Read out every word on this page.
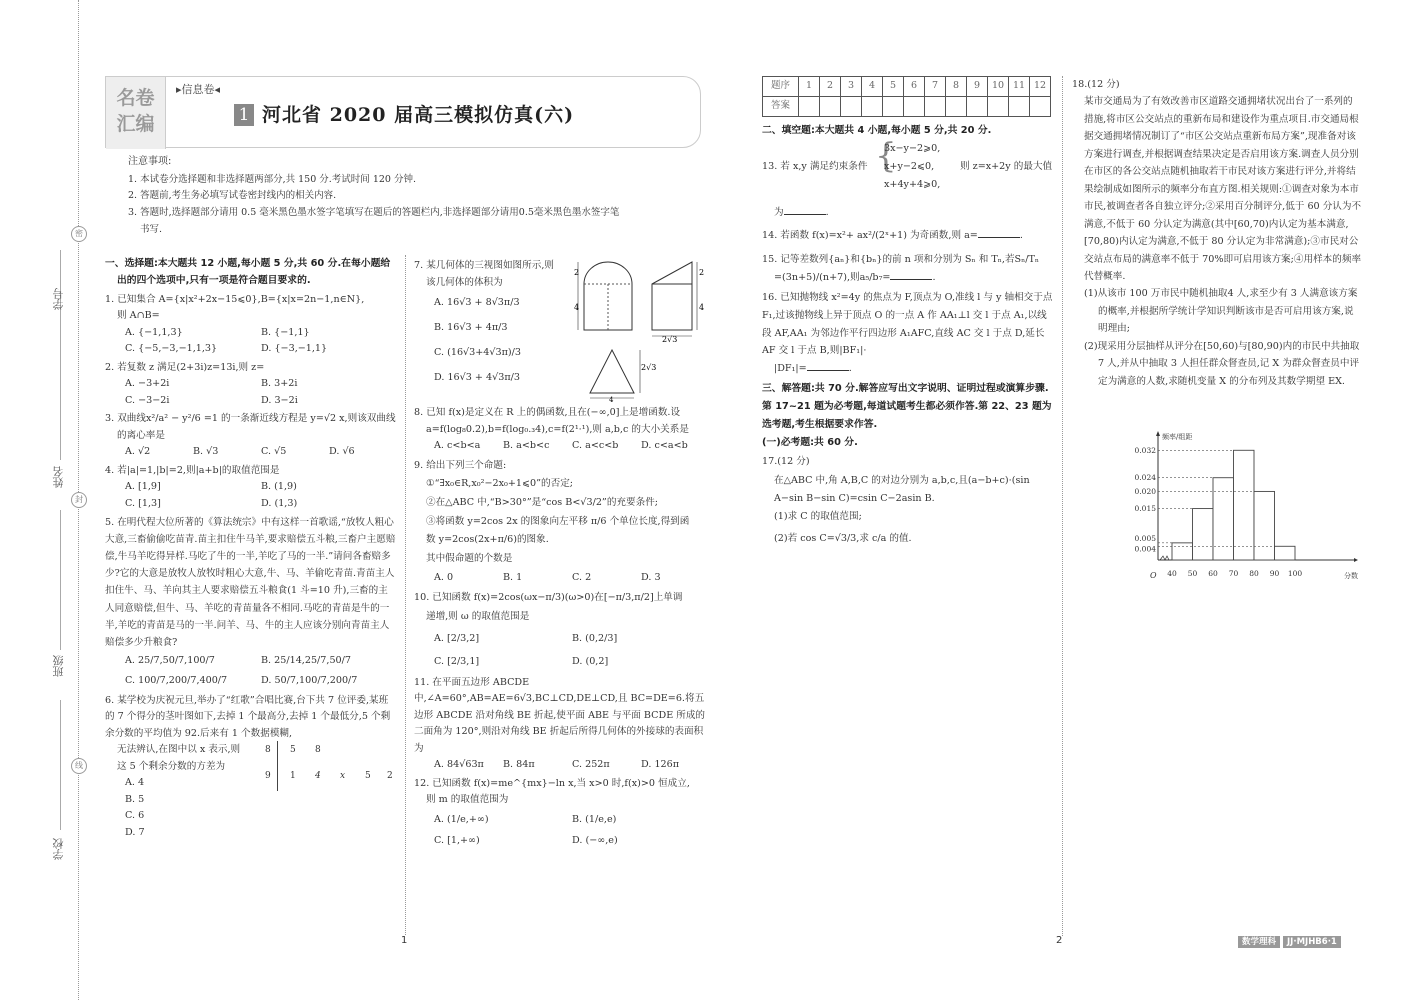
学号
姓名
班级
学校
密
封
线
名卷
汇编
▸信息卷◂
1 河北省 2020 届高三模拟仿真(六)
注意事项:
1. 本试卷分选择题和非选择题两部分,共 150 分.考试时间 120 分钟.
2. 答题前,考生务必填写试卷密封线内的相关内容.
3. 答题时,选择题部分请用 0.5 毫米黑色墨水签字笔填写在题后的答题栏内,非选择题部分请用0.5毫米黑色墨水签字笔
书写.
一、选择题:本大题共 12 小题,每小题 5 分,共 60 分.在每小题给
出的四个选项中,只有一项是符合题目要求的.
1. 已知集合 A={x|x²+2x−15⩽0},B={x|x=2n−1,n∈N},
则 A∩B=
A. {−1,1,3}	B. {−1,1}
C. {−5,−3,−1,1,3}	D. {−3,−1,1}
2. 若复数 z 满足(2+3i)z=13i,则 z=
A. −3+2i	B. 3+2i
C. −3−2i	D. 3−2i
3. 双曲线x²/a² − y²/6 =1 的一条渐近线方程是 y=√2 x,则该双曲线
的离心率是
A. √2	B. √3	C. √5	D. √6
4. 若|a|=1,|b|=2,则|a+b|的取值范围是
A. [1,9]	B. (1,9)
C. [1,3]	D. (1,3)
5. 在明代程大位所著的《算法统宗》中有这样一首歌谣,“放牧人粗心大意,三畜偷偷吃苗青.苗主扣住牛马羊,要求赔偿五斗粮,三畜户主愿赔偿,牛马羊吃得异样.马吃了牛的一半,羊吃了马的一半.”请问各畜赔多少?它的大意是放牧人放牧时粗心大意,牛、马、羊偷吃青苗.青苗主人扣住牛、马、羊向其主人要求赔偿五斗粮食(1 斗=10 升),三畜的主人同意赔偿,但牛、马、羊吃的青苗量各不相同.马吃的青苗是牛的一半,羊吃的青苗是马的一半.问羊、马、牛的主人应该分别向青苗主人赔偿多少升粮食?
A. 25/7,50/7,100/7	B. 25/14,25/7,50/7
C. 100/7,200/7,400/7	D. 50/7,100/7,200/7
6. 某学校为庆祝元旦,举办了“红歌”合唱比赛,台下共 7 位评委,某班的 7 个得分的茎叶图如下,去掉 1 个最高分,去掉 1 个最低分,5 个剩余分数的平均值为 92.后来有 1 个数据模糊,
无法辨认,在图中以 x 表示,则
这 5 个剩余分数的方差为
A. 4
B. 5
C. 6
D. 7
8 5 8
9 1 4 x 5 2
7. 某几何体的三视图如图所示,则
该几何体的体积为
A. 16√3 + 8√3π/3
B. 16√3 + 4π/3
C. (16√3+4√3π)/3
D. 16√3 + 4√3π/3
2
4
2
4
2√3
2√3
4
8. 已知 f(x)是定义在 R 上的偶函数,且在(−∞,0]上是增函数.设
a=f(log₈0.2),b=f(log₀.₃4),c=f(2¹·¹),则 a,b,c 的大小关系是
A. c<b<a	B. a<b<c	C. a<c<b	D. c<a<b
9. 给出下列三个命题:
①“∃x₀∈R,x₀²−2x₀+1⩽0”的否定;
②在△ABC 中,“B>30°”是“cos B<√3/2”的充要条件;
③将函数 y=2cos 2x 的图象向左平移 π/6 个单位长度,得到函
数 y=2cos(2x+π/6)的图象.
其中假命题的个数是
A. 0	B. 1	C. 2	D. 3
10. 已知函数 f(x)=2cos(ωx−π/3)(ω>0)在[−π/3,π/2]上单调
递增,则 ω 的取值范围是
A. [2/3,2]	B. (0,2/3]
C. [2/3,1]	D. (0,2]
11. 在平面五边形 ABCDE 中,∠A=60°,AB=AE=6√3,BC⊥CD,DE⊥CD,且 BC=DE=6.将五边形 ABCDE 沿对角线 BE 折起,使平面 ABE 与平面 BCDE 所成的二面角为 120°,则沿对角线 BE 折起后所得几何体的外接球的表面积为
A. 84√63π	B. 84π	C. 252π	D. 126π
12. 已知函数 f(x)=me^{mx}−ln x,当 x>0 时,f(x)>0 恒成立,
则 m 的取值范围为
A. (1/e,+∞)	B. (1/e,e)
C. [1,+∞)	D. (−∞,e)
题序	1	2	3	4	5	6	7	8	9	10	11	12
答案												
二、填空题:本大题共 4 小题,每小题 5 分,共 20 分.
13. 若 x,y 满足约束条件 {
3x−y−2⩾0,
x+y−2⩽0,
x+4y+4⩾0,
则 z=x+2y 的最大值
为	.
14. 若函数 f(x)=x²+ ax²/(2ˣ+1) 为奇函数,则 a=	.
15. 记等差数列{aₙ}和{bₙ}的前 n 项和分别为 Sₙ 和 Tₙ,若Sₙ/Tₙ
=(3n+5)/(n+7),则a₅/b₇=	.
16. 已知抛物线 x²=4y 的焦点为 F,顶点为 O,准线 l 与 y 轴相交于点 F₁,过该抛物线上异于顶点 O 的一点 A 作 AA₁⊥l 交 l 于点 A₁,以线段 AF,AA₁ 为邻边作平行四边形 A₁AFC,直线 AC 交 l 于点 D,延长 AF 交 l 于点 B,则|BF₁|·
|DF₁|=	.
三、解答题:共 70 分.解答应写出文字说明、证明过程或演算步骤.第 17~21 题为必考题,每道试题考生都必须作答.第 22、23 题为选考题,考生根据要求作答.
(一)必考题:共 60 分.
17.(12 分)
在△ABC 中,角 A,B,C 的对边分别为 a,b,c,且(a−b+c)·(sin A−sin B−sin C)=csin C−2asin B.
(1)求 C 的取值范围;
(2)若 cos C=√3/3,求 c/a 的值.
18.(12 分)
某市交通局为了有效改善市区道路交通拥堵状况出台了一系列的措施,将市区公交站点的重新布局和建设作为重点项目.市交通局根据交通拥堵情况制订了“市区公交站点重新布局方案”,现准备对该方案进行调查,并根据调查结果决定是否启用该方案.调查人员分别在市区的各公交站点随机抽取若干市民对该方案进行评分,并将结果绘制成如图所示的频率分布直方图.相关规则:①调查对象为本市市民,被调查者各自独立评分;②采用百分制评分,低于 60 分认为不满意,不低于 60 分认定为满意(其中[60,70)内认定为基本满意,[70,80)内认定为满意,不低于 80 分认定为非常满意);③市民对公交站点布局的满意率不低于 70%即可启用该方案;④用样本的频率代替概率.
(1)从该市 100 万市民中随机抽取4 人,求至少有 3 人满意该方案的概率,并根据所学统计学知识判断该市是否可启用该方案,说明理由;
(2)现采用分层抽样从评分在[50,60)与[80,90)内的市民中共抽取 7 人,并从中抽取 3 人担任群众督查员,记 X 为群众督查员中评定为满意的人数,求随机变量 X 的分布列及其数学期望 EX.
频率/组距
分数
O
0.032
0.024
0.020
0.015
0.005
0.004
40 50 60 70 80 90 100
1	2	数学理科 JJ·MJHB6·1
